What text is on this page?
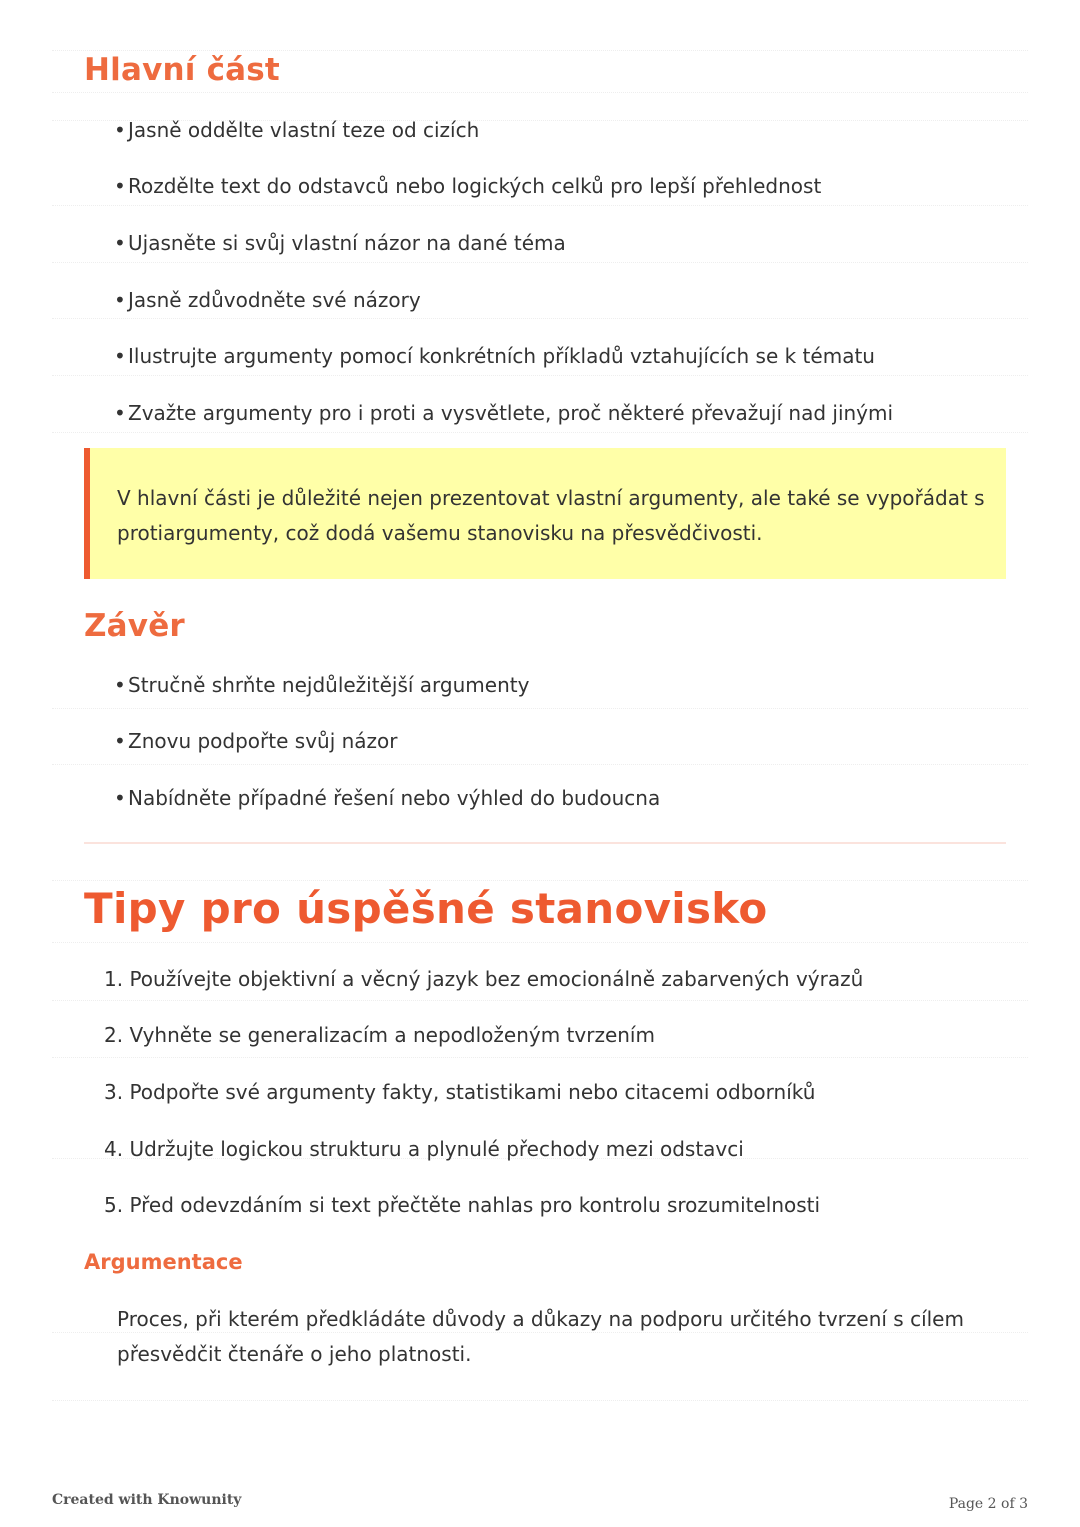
Hlavní část

• Jasně oddělte vlastní teze od cizích

• Rozdělte text do odstavců nebo logických celků pro lepší přehlednost

• Ujasněte si svůj vlastní názor na dané téma

• Jasně zdůvodněte své názory

• Ilustrujte argumenty pomocí konkrétních příkladů vztahujících se k tématu

• Zvažte argumenty pro i proti a vysvětlete, proč některé převažují nad jinými

V hlavní části je důležité nejen prezentovat vlastní argumenty, ale také se vypořádat s protiargumenty, což dodá vašemu stanovisku na přesvědčivosti.

Závěr

• Stručně shrňte nejdůležitější argumenty

• Znovu podpořte svůj názor

• Nabídněte případné řešení nebo výhled do budoucna

Tipy pro úspěšné stanovisko

1. Používejte objektivní a věcný jazyk bez emocionálně zabarvených výrazů

2. Vyhněte se generalizacím a nepodloženým tvrzením

3. Podpořte své argumenty fakty, statistikami nebo citacemi odborníků

4. Udržujte logickou strukturu a plynulé přechody mezi odstavci

5. Před odevzdáním si text přečtěte nahlas pro kontrolu srozumitelnosti

Argumentace

Proces, při kterém předkládáte důvody a důkazy na podporu určitého tvrzení s cílem přesvědčit čtenáře o jeho platnosti.

Created with Knowunity	Page 2 of 3
